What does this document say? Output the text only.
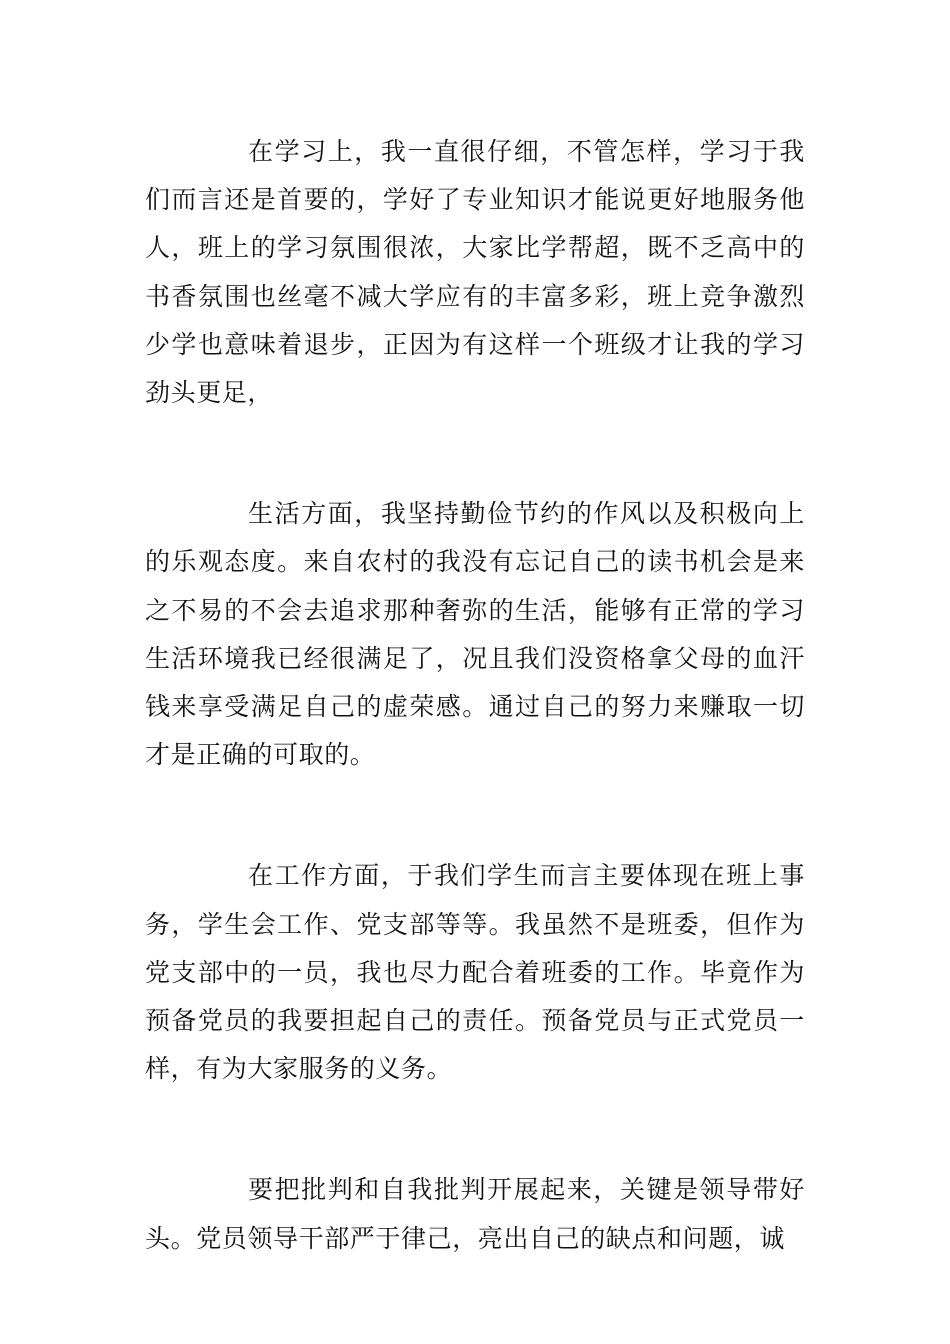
在学习上，我一直很仔细，不管怎样，学习于我们而言还是首要的，学好了专业知识才能说更好地服务他人，班上的学习氛围很浓，大家比学帮超，既不乏高中的书香氛围也丝毫不减大学应有的丰富多彩，班上竞争激烈少学也意味着退步，正因为有这样一个班级才让我的学习劲头更足，

生活方面，我坚持勤俭节约的作风以及积极向上的乐观态度。来自农村的我没有忘记自己的读书机会是来之不易的不会去追求那种奢弥的生活，能够有正常的学习生活环境我已经很满足了，况且我们没资格拿父母的血汗钱来享受满足自己的虚荣感。通过自己的努力来赚取一切才是正确的可取的。

在工作方面，于我们学生而言主要体现在班上事务，学生会工作、党支部等等。我虽然不是班委，但作为党支部中的一员，我也尽力配合着班委的工作。毕竟作为预备党员的我要担起自己的责任。预备党员与正式党员一样，有为大家服务的义务。

要把批判和自我批判开展起来，关键是领导带好头。党员领导干部严于律己，亮出自己的缺点和问题，诚
